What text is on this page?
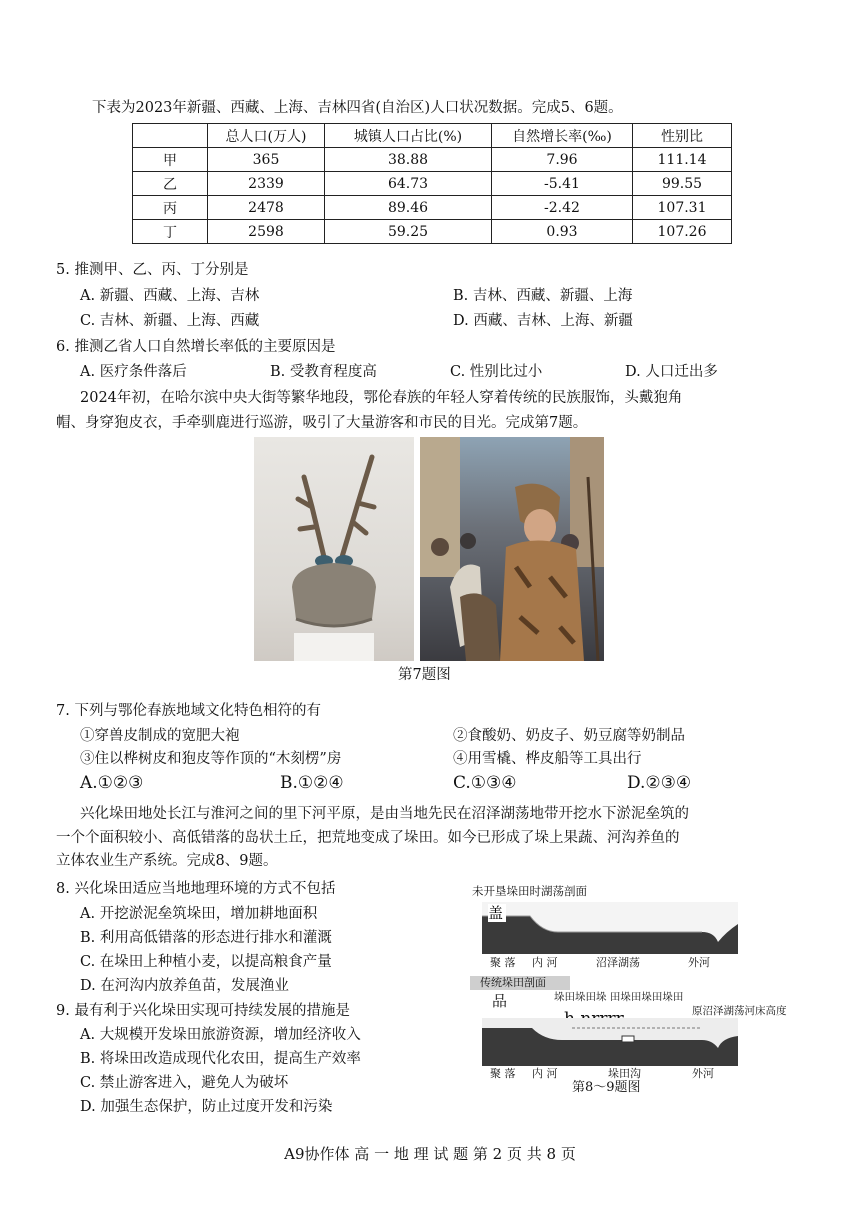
下表为2023年新疆、西藏、上海、吉林四省(自治区)人口状况数据。完成5、6题。
	总人口(万人)	城镇人口占比(%)	自然增长率(‰)	性别比
甲	365	38.88	7.96	111.14
乙	2339	64.73	-5.41	99.55
丙	2478	89.46	-2.42	107.31
丁	2598	59.25	0.93	107.26
5. 推测甲、乙、丙、丁分别是
A. 新疆、西藏、上海、吉林	B. 吉林、西藏、新疆、上海
C. 吉林、新疆、上海、西藏	D. 西藏、吉林、上海、新疆
6. 推测乙省人口自然增长率低的主要原因是
A. 医疗条件落后	B. 受教育程度高	C. 性别比过小	D. 人口迁出多
2024年初，在哈尔滨中央大街等繁华地段，鄂伦春族的年轻人穿着传统的民族服饰，头戴狍角
帽、身穿狍皮衣，手牵驯鹿进行巡游，吸引了大量游客和市民的目光。完成第7题。
第7题图
7. 下列与鄂伦春族地域文化特色相符的有
①穿兽皮制成的宽肥大袍	②食酸奶、奶皮子、奶豆腐等奶制品
③住以桦树皮和狍皮等作顶的“木刻楞”房	④用雪橇、桦皮船等工具出行
A.①②③	B.①②④	C.①③④	D.②③④
兴化垛田地处长江与淮河之间的里下河平原，是由当地先民在沼泽湖荡地带开挖水下淤泥垒筑的
一个个面积较小、高低错落的岛状土丘，把荒地变成了垛田。如今已形成了垛上果蔬、河沟养鱼的
立体农业生产系统。完成8、9题。
8. 兴化垛田适应当地地理环境的方式不包括
A. 开挖淤泥垒筑垛田，增加耕地面积
B. 利用高低错落的形态进行排水和灌溉
C. 在垛田上种植小麦，以提高粮食产量
D. 在河沟内放养鱼苗，发展渔业
9. 最有利于兴化垛田实现可持续发展的措施是
A. 大规模开发垛田旅游资源，增加经济收入
B. 将垛田改造成现代化农田，提高生产效率
C. 禁止游客进入，避免人为破坏
D. 加强生态保护，防止过度开发和污染
未开垦垛田时湖荡剖面
盖
聚 落 内 河	沼泽湖荡	外河
传统垛田剖面
品	垛田垛田垛 田垛田垛田垛田
原沼泽湖荡河床高度
聚 落 内 河	垛田沟	外河
第8～9题图
A9协作体 高 一 地 理 试 题 第 2 页 共 8 页
